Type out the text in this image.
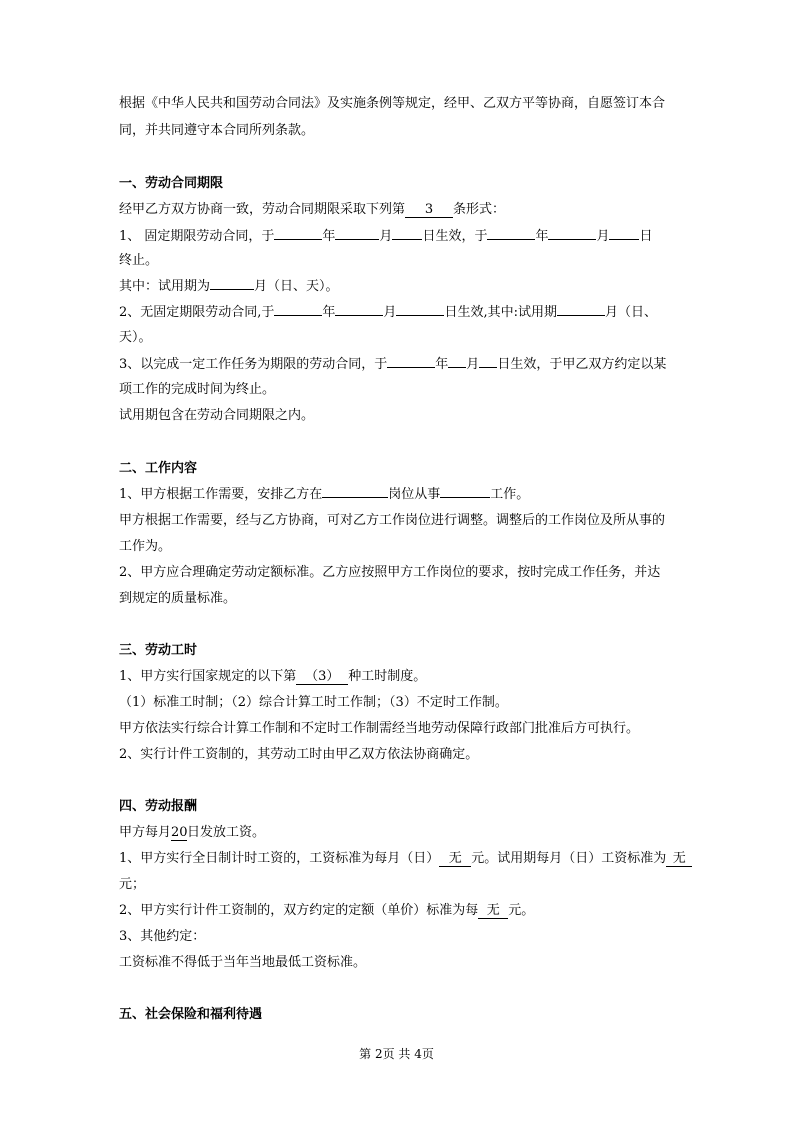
根据《中华人民共和国劳动合同法》及实施条例等规定，经甲、乙双方平等协商，自愿签订本合
同，并共同遵守本合同所列条款。
一、劳动合同期限
经甲乙方双方协商一致，劳动合同期限采取下列第 3 条形式：
1、 固定期限劳动合同，于	年	月 日生效，于	年	月 日
终止。
其中：试用期为	月（日、天）。
2、无固定期限劳动合同,于	年	月	日生效,其中:试用期	月（日、
天）。
3、以完成一定工作任务为期限的劳动合同，于	年 月 日生效，于甲乙双方约定以某
项工作的完成时间为终止。
试用期包含在劳动合同期限之内。
二、工作内容
1、甲方根据工作需要，安排乙方在	岗位从事	工作。
甲方根据工作需要，经与乙方协商，可对乙方工作岗位进行调整。调整后的工作岗位及所从事的
工作为。
2、甲方应合理确定劳动定额标准。乙方应按照甲方工作岗位的要求，按时完成工作任务，并达
到规定的质量标准。
三、劳动工时
1、甲方实行国家规定的以下第 （3） 种工时制度。
（1）标准工时制；（2）综合计算工时工作制；（3）不定时工作制。
甲方依法实行综合计算工作制和不定时工作制需经当地劳动保障行政部门批准后方可执行。
2、实行计件工资制的，其劳动工时由甲乙双方依法协商确定。
四、劳动报酬
甲方每月20日发放工资。
1、甲方实行全日制计时工资的，工资标准为每月（日） 无 元。试用期每月（日）工资标准为 无
元；
2、甲方实行计件工资制的，双方约定的定额（单价）标准为每 无 元。
3、其他约定：
工资标准不得低于当年当地最低工资标准。
五、社会保险和福利待遇
第 2页 共 4页
